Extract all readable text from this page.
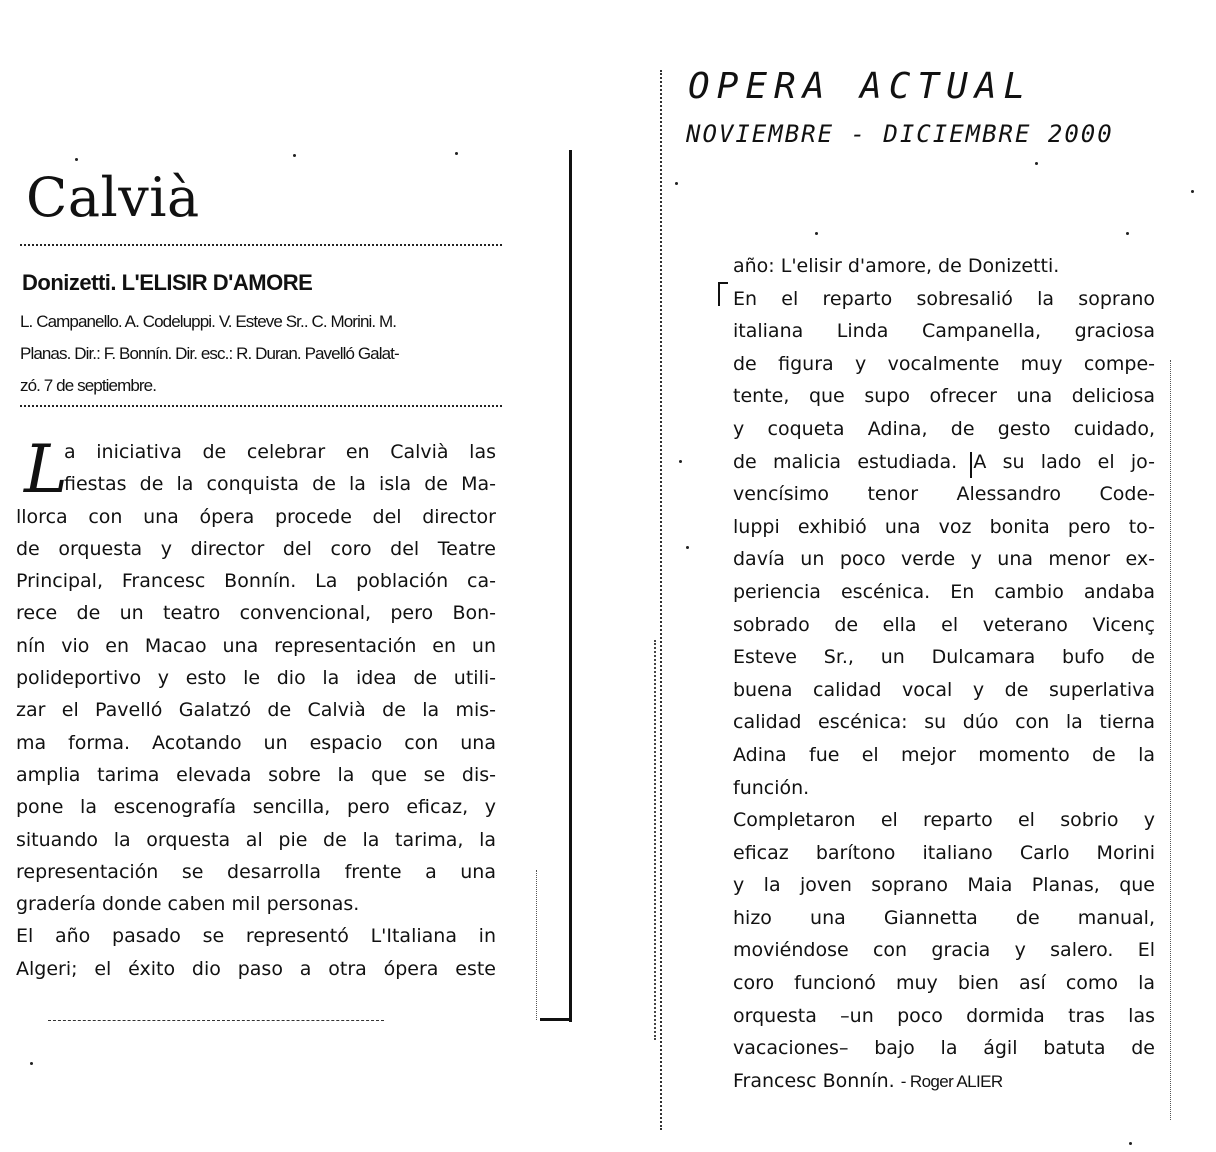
OPERA ACTUAL
NOVIEMBRE - DICIEMBRE 2000
Calvià
Donizetti. L'ELISIR D'AMORE
L. Campanello. A. Codeluppi. V. Esteve Sr.. C. Morini. M.
Planas. Dir.: F. Bonnín. Dir. esc.: R. Duran. Pavelló Galat-
zó. 7 de septiembre.
L
a iniciativa de celebrar en Calvià las
fiestas de la conquista de la isla de Ma-
llorca con una ópera procede del director
de orquesta y director del coro del Teatre
Principal, Francesc Bonnín. La población ca-
rece de un teatro convencional, pero Bon-
nín vio en Macao una representación en un
polideportivo y esto le dio la idea de utili-
zar el Pavelló Galatzó de Calvià de la mis-
ma forma. Acotando un espacio con una
amplia tarima elevada sobre la que se dis-
pone la escenografía sencilla, pero eficaz, y
situando la orquesta al pie de la tarima, la
representación se desarrolla frente a una
gradería donde caben mil personas.
El año pasado se representó L'Italiana in
Algeri; el éxito dio paso a otra ópera este
año: L'elisir d'amore, de Donizetti.
En el reparto sobresalió la soprano
italiana Linda Campanella, graciosa
de figura y vocalmente muy compe-
tente, que supo ofrecer una deliciosa
y coqueta Adina, de gesto cuidado,
de malicia estudiada. A su lado el jo-
vencísimo tenor Alessandro Code-
luppi exhibió una voz bonita pero to-
davía un poco verde y una menor ex-
periencia escénica. En cambio andaba
sobrado de ella el veterano Vicenç
Esteve Sr., un Dulcamara bufo de
buena calidad vocal y de superlativa
calidad escénica: su dúo con la tierna
Adina fue el mejor momento de la
función.
Completaron el reparto el sobrio y
eficaz barítono italiano Carlo Morini
y la joven soprano Maia Planas, que
hizo una Giannetta de manual,
moviéndose con gracia y salero. El
coro funcionó muy bien así como la
orquesta –un poco dormida tras las
vacaciones– bajo la ágil batuta de
Francesc Bonnín. - Roger ALIER
